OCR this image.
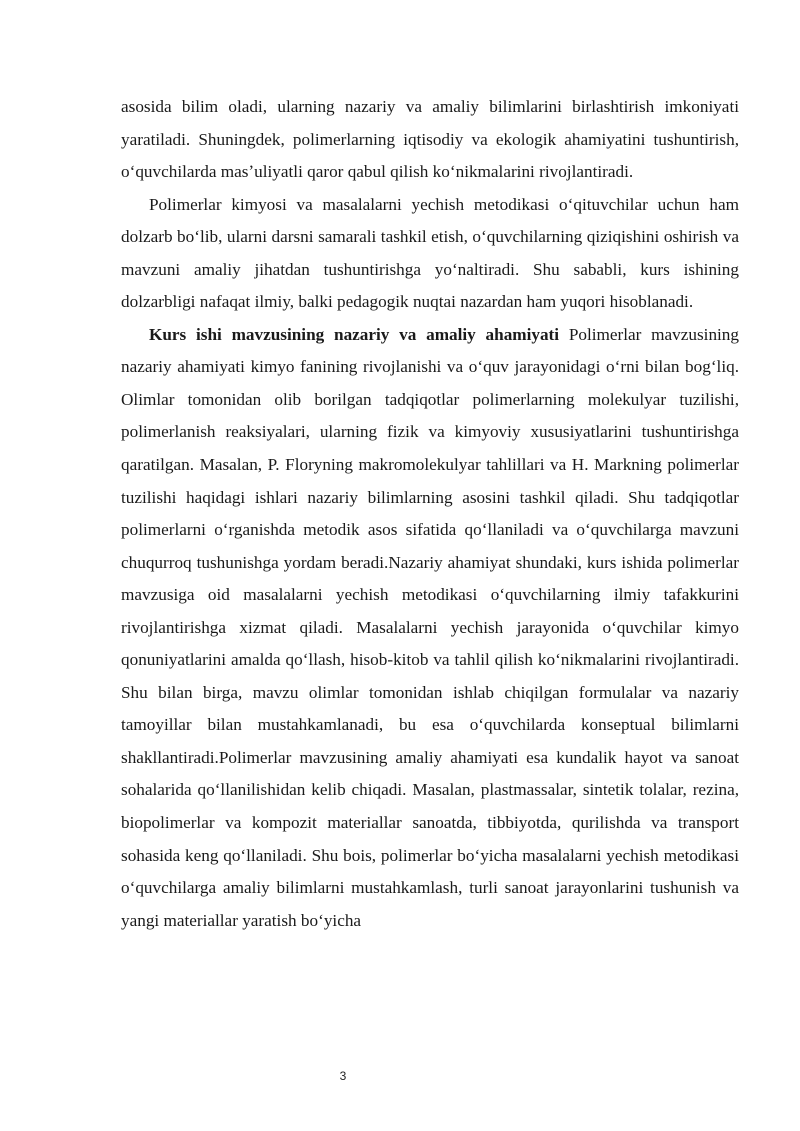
asosida bilim oladi, ularning nazariy va amaliy bilimlarini birlashtirish imkoniyati yaratiladi. Shuningdek, polimerlarning iqtisodiy va ekologik ahamiyatini tushuntirish, oʻquvchilarda masʼuliyatli qaror qabul qilish koʻnikmalarini rivojlantiradi.

Polimerlar kimyosi va masalalarni yechish metodikasi oʻqituvchilar uchun ham dolzarb boʻlib, ularni darsni samarali tashkil etish, oʻquvchilarning qiziqishini oshirish va mavzuni amaliy jihatdan tushuntirishga yoʻnaltiradi. Shu sababli, kurs ishining dolzarbligi nafaqat ilmiy, balki pedagogik nuqtai nazardan ham yuqori hisoblanadi.

Kurs ishi mavzusining nazariy va amaliy ahamiyati Polimerlar mavzusining nazariy ahamiyati kimyo fanining rivojlanishi va oʻquv jarayonidagi oʻrni bilan bogʻliq. Olimlar tomonidan olib borilgan tadqiqotlar polimerlarning molekulyar tuzilishi, polimerlanish reaksiyalari, ularning fizik va kimyoviy xususiyatlarini tushuntirishga qaratilgan. Masalan, P. Floryning makromolekulyar tahlillari va H. Markning polimerlar tuzilishi haqidagi ishlari nazariy bilimlarning asosini tashkil qiladi. Shu tadqiqotlar polimerlarni oʻrganishda metodik asos sifatida qoʻllaniladi va oʻquvchilarga mavzuni chuqurroq tushunishga yordam beradi.Nazariy ahamiyat shundaki, kurs ishida polimerlar mavzusiga oid masalalarni yechish metodikasi oʻquvchilarning ilmiy tafakkurini rivojlantirishga xizmat qiladi. Masalalarni yechish jarayonida oʻquvchilar kimyo qonuniyatlarini amalda qoʻllash, hisob-kitob va tahlil qilish koʻnikmalarini rivojlantiradi. Shu bilan birga, mavzu olimlar tomonidan ishlab chiqilgan formulalar va nazariy tamoyillar bilan mustahkamlanadi, bu esa oʻquvchilarda konseptual bilimlarni shakllantiradi.Polimerlar mavzusining amaliy ahamiyati esa kundalik hayot va sanoat sohalarida qoʻllanilishidan kelib chiqadi. Masalan, plastmassalar, sintetik tolalar, rezina, biopolimerlar va kompozit materiallar sanoatda, tibbiyotda, qurilishda va transport sohasida keng qoʻllaniladi. Shu bois, polimerlar boʻyicha masalalarni yechish metodikasi oʻquvchilarga amaliy bilimlarni mustahkamlash, turli sanoat jarayonlarini tushunish va yangi materiallar yaratish boʻyicha

3
